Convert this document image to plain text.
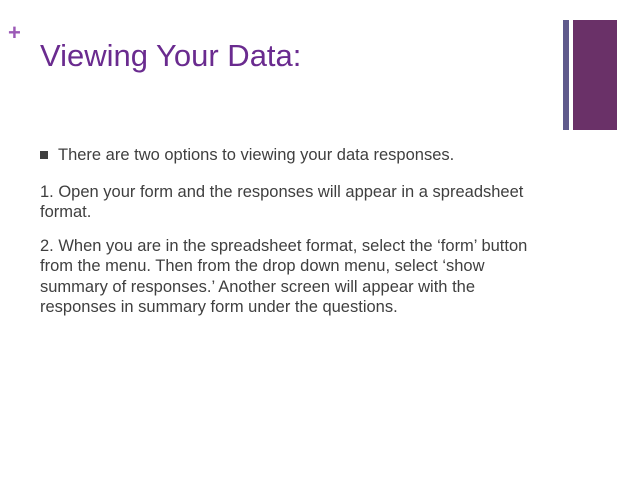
+
Viewing Your Data:
There are two options to viewing your data responses.

1. Open your form and the responses will appear in a spreadsheet format.

2. When you are in the spreadsheet format, select the ‘form’ button from the menu. Then from the drop down menu, select ‘show summary of responses.’ Another screen will appear with the responses in summary form under the questions.
